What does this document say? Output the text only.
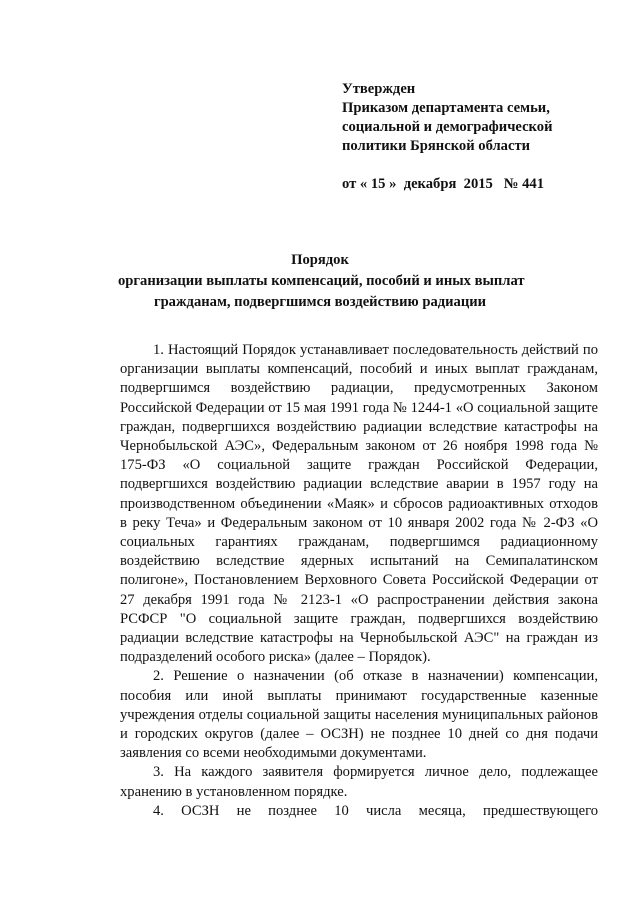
Утвержден
Приказом департамента семьи,
социальной и демографической
политики Брянской области
от « 15 »  декабря  2015   № 441
Порядок
организации выплаты компенсаций, пособий и иных выплат
гражданам, подвергшимся воздействию радиации

1. Настоящий Порядок устанавливает последовательность действий по организации выплаты компенсаций, пособий и иных выплат гражданам, подвергшимся воздействию радиации, предусмотренных Законом Российской Федерации от 15 мая 1991 года № 1244-1 «О социальной защите граждан, подвергшихся воздействию радиации вследствие катастрофы на Чернобыльской АЭС», Федеральным законом от 26 ноября 1998 года № 175-ФЗ «О социальной защите граждан Российской Федерации, подвергшихся воздействию радиации вследствие аварии в 1957 году на производственном объединении «Маяк» и сбросов радиоактивных отходов в реку Теча» и Федеральным законом от 10 января 2002 года № 2-ФЗ «О социальных гарантиях гражданам, подвергшимся радиационному воздействию вследствие ядерных испытаний на Семипалатинском полигоне», Постановлением Верховного Совета Российской Федерации от 27 декабря 1991 года № 2123-1 «О распространении действия закона РСФСР "О социальной защите граждан, подвергшихся воздействию радиации вследствие катастрофы на Чернобыльской АЭС" на граждан из подразделений особого риска» (далее – Порядок).

2. Решение о назначении (об отказе в назначении) компенсации, пособия или иной выплаты принимают государственные казенные учреждения отделы социальной защиты населения муниципальных районов и городских округов (далее – ОСЗН) не позднее 10 дней со дня подачи заявления со всеми необходимыми документами.

3. На каждого заявителя формируется личное дело, подлежащее хранению в установленном порядке.

4. ОСЗН не позднее 10 числа месяца, предшествующего
